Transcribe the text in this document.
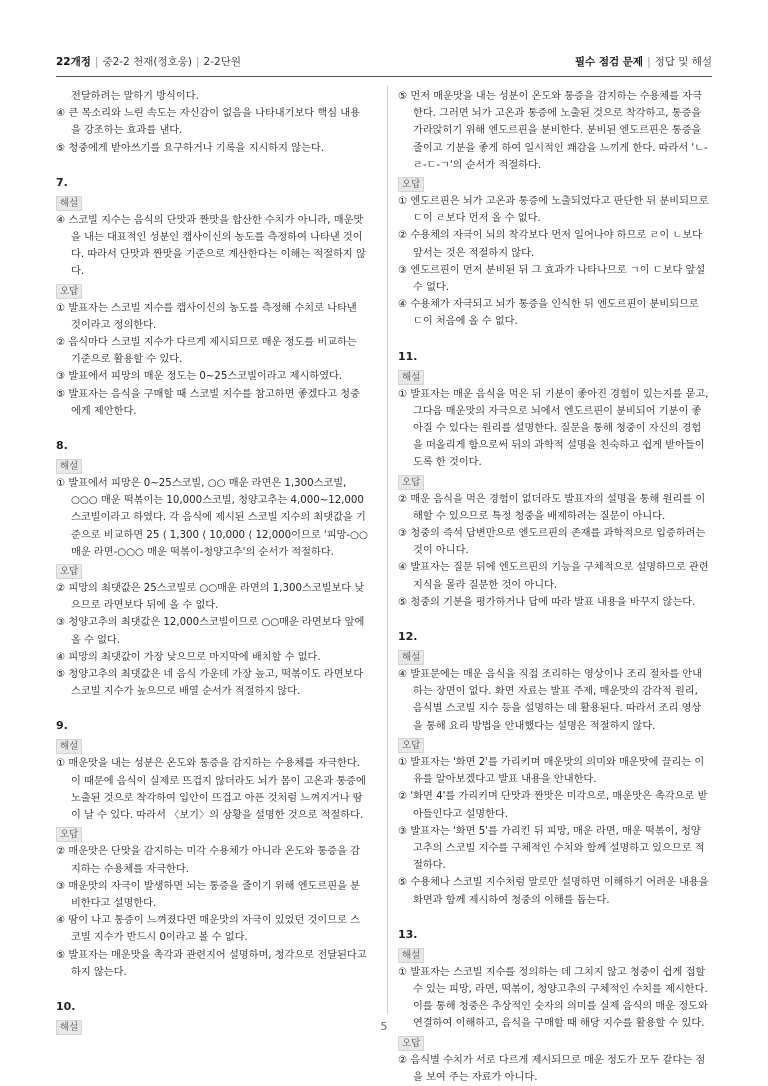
22개정 | 중2-2 천재(정호웅) | 2-2단원	필수 점검 문제 | 정답 및 해설

전달하려는 말하기 방식이다.

④ 큰 목소리와 느린 속도는 자신감이 없음을 나타내기보다 핵심 내용을 강조하는 효과를 낸다.

⑤ 청중에게 받아쓰기를 요구하거나 기록을 지시하지 않는다.

7.
해설

④ 스코빌 지수는 음식의 단맛과 짠맛을 합산한 수치가 아니라, 매운맛을 내는 대표적인 성분인 캡사이신의 농도를 측정하여 나타낸 것이다. 따라서 단맛과 짠맛을 기준으로 계산한다는 이해는 적절하지 않다.

오답

① 발표자는 스코빌 지수를 캡사이신의 농도를 측정해 수치로 나타낸 것이라고 정의한다.

② 음식마다 스코빌 지수가 다르게 제시되므로 매운 정도를 비교하는 기준으로 활용할 수 있다.

③ 발표에서 피망의 매운 정도는 0~25스코빌이라고 제시하였다.

⑤ 발표자는 음식을 구매할 때 스코빌 지수를 참고하면 좋겠다고 청중에게 제안한다.

8.
해설

① 발표에서 피망은 0~25스코빌, ○○ 매운 라면은 1,300스코빌, ○○○ 매운 떡볶이는 10,000스코빌, 청양고추는 4,000~12,000스코빌이라고 하였다. 각 음식에 제시된 스코빌 지수의 최댓값을 기준으로 비교하면 25 ⟨ 1,300 ⟨ 10,000 ⟨ 12,000이므로 '피망-○○ 매운 라면-○○○ 매운 떡볶이-청양고추'의 순서가 적절하다.

오답

② 피망의 최댓값은 25스코빌로 ○○매운 라면의 1,300스코빌보다 낮으므로 라면보다 뒤에 올 수 없다.

③ 청양고추의 최댓값은 12,000스코빌이므로 ○○매운 라면보다 앞에 올 수 없다.

④ 피망의 최댓값이 가장 낮으므로 마지막에 배치할 수 없다.

⑤ 청양고추의 최댓값은 네 음식 가운데 가장 높고, 떡볶이도 라면보다 스코빌 지수가 높으므로 배열 순서가 적절하지 않다.

9.
해설

① 매운맛을 내는 성분은 온도와 통증을 감지하는 수용체를 자극한다. 이 때문에 음식이 실제로 뜨겁지 않더라도 뇌가 몸이 고온과 통증에 노출된 것으로 착각하여 입안이 뜨겁고 아픈 것처럼 느껴지거나 땀이 날 수 있다. 따라서 〈보기〉의 상황을 설명한 것으로 적절하다.

오답

② 매운맛은 단맛을 감지하는 미각 수용체가 아니라 온도와 통증을 감지하는 수용체를 자극한다.

③ 매운맛의 자극이 발생하면 뇌는 통증을 줄이기 위해 엔도르핀을 분비한다고 설명한다.

④ 땀이 나고 통증이 느껴졌다면 매운맛의 자극이 있었던 것이므로 스코빌 지수가 반드시 0이라고 볼 수 없다.

⑤ 발표자는 매운맛을 촉각과 관련지어 설명하며, 청각으로 전달된다고 하지 않는다.

10.
해설

⑤ 먼저 매운맛을 내는 성분이 온도와 통증을 감지하는 수용체를 자극한다. 그러면 뇌가 고온과 통증에 노출된 것으로 착각하고, 통증을 가라앉히기 위해 엔도르핀을 분비한다. 분비된 엔도르핀은 통증을 줄이고 기분을 좋게 하여 일시적인 쾌감을 느끼게 한다. 따라서 'ㄴ-ㄹ-ㄷ-ㄱ'의 순서가 적절하다.

오답

① 엔도르핀은 뇌가 고온과 통증에 노출되었다고 판단한 뒤 분비되므로 ㄷ이 ㄹ보다 먼저 올 수 없다.

② 수용체의 자극이 뇌의 착각보다 먼저 일어나야 하므로 ㄹ이 ㄴ보다 앞서는 것은 적절하지 않다.

③ 엔도르핀이 먼저 분비된 뒤 그 효과가 나타나므로 ㄱ이 ㄷ보다 앞설 수 없다.

④ 수용체가 자극되고 뇌가 통증을 인식한 뒤 엔도르핀이 분비되므로 ㄷ이 처음에 올 수 없다.

11.
해설

① 발표자는 매운 음식을 먹은 뒤 기분이 좋아진 경험이 있는지를 묻고, 그다음 매운맛의 자극으로 뇌에서 엔도르핀이 분비되어 기분이 좋아질 수 있다는 원리를 설명한다. 질문을 통해 청중이 자신의 경험을 떠올리게 함으로써 뒤의 과학적 설명을 친숙하고 쉽게 받아들이도록 한 것이다.

오답

② 매운 음식을 먹은 경험이 없더라도 발표자의 설명을 통해 원리를 이해할 수 있으므로 특정 청중을 배제하려는 질문이 아니다.

③ 청중의 즉석 답변만으로 엔도르핀의 존재를 과학적으로 입증하려는 것이 아니다.

④ 발표자는 질문 뒤에 엔도르핀의 기능을 구체적으로 설명하므로 관련 지식을 몰라 질문한 것이 아니다.

⑤ 청중의 기분을 평가하거나 답에 따라 발표 내용을 바꾸지 않는다.

12.
해설

④ 발표문에는 매운 음식을 직접 조리하는 영상이나 조리 절차를 안내하는 장면이 없다. 화면 자료는 발표 주제, 매운맛의 감각적 원리, 음식별 스코빌 지수 등을 설명하는 데 활용된다. 따라서 조리 영상을 통해 요리 방법을 안내했다는 설명은 적절하지 않다.

오답

① 발표자는 '화면 2'를 가리키며 매운맛의 의미와 매운맛에 끌리는 이유를 알아보겠다고 발표 내용을 안내한다.

② '화면 4'를 가리키며 단맛과 짠맛은 미각으로, 매운맛은 촉각으로 받아들인다고 설명한다.

③ 발표자는 '화면 5'를 가리킨 뒤 피망, 매운 라면, 매운 떡볶이, 청양고추의 스코빌 지수를 구체적인 수치와 함께 설명하고 있으므로 적절하다.

⑤ 수용체나 스코빌 지수처럼 말로만 설명하면 이해하기 어려운 내용을 화면과 함께 제시하여 청중의 이해를 돕는다.

13.
해설

① 발표자는 스코빌 지수를 정의하는 데 그치지 않고 청중이 쉽게 접할 수 있는 피망, 라면, 떡볶이, 청양고추의 구체적인 수치를 제시한다. 이를 통해 청중은 추상적인 숫자의 의미를 실제 음식의 매운 정도와 연결하여 이해하고, 음식을 구매할 때 해당 지수를 활용할 수 있다.

오답

② 음식별 수치가 서로 다르게 제시되므로 매운 정도가 모두 같다는 점을 보여 주는 자료가 아니다.

5
